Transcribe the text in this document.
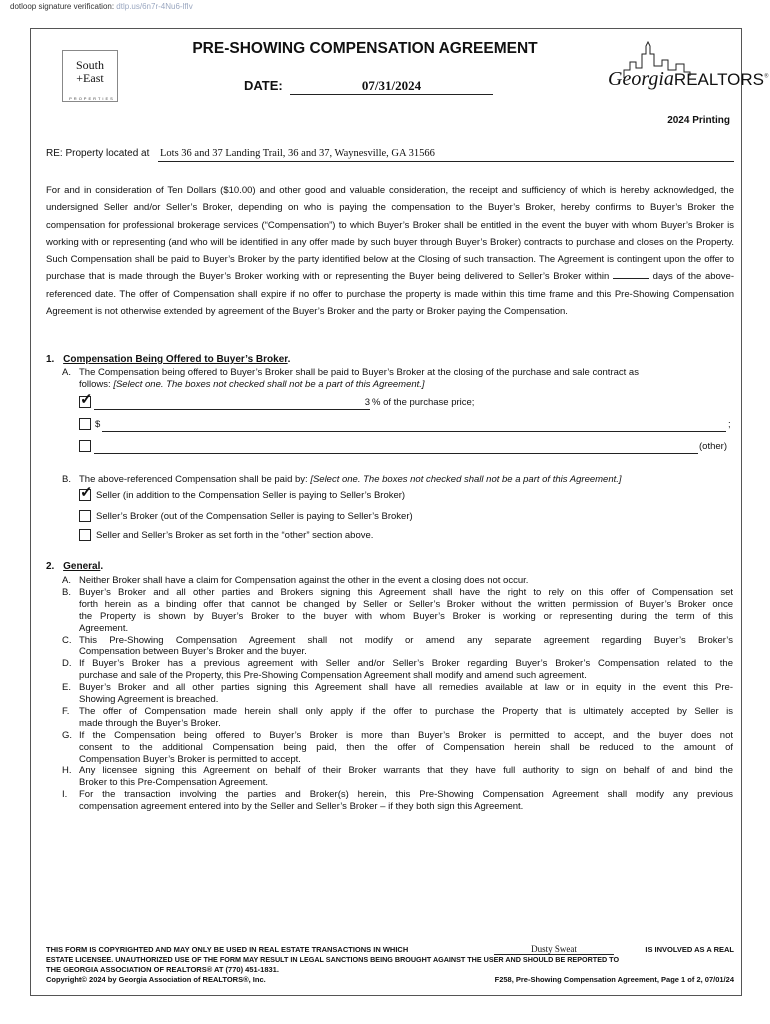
dotloop signature verification: dtlp.us/6n7r-4Nu6-lfIv
South
+East
PROPERTIES
GeorgiaREALTORS®
PRE-SHOWING COMPENSATION AGREEMENT
DATE:	07/31/2024
2024 Printing
RE: Property located at Lots 36 and 37 Landing Trail, 36 and 37, Waynesville, GA 31566
For and in consideration of Ten Dollars ($10.00) and other good and valuable consideration, the receipt and sufficiency of which is hereby acknowledged, the undersigned Seller and/or Seller’s Broker, depending on who is paying the compensation to the Buyer’s Broker, hereby confirms to Buyer’s Broker the compensation for professional brokerage services (“Compensation”) to which Buyer’s Broker shall be entitled in the event the buyer with whom Buyer’s Broker is working with or representing (and who will be identified in any offer made by such buyer through Buyer’s Broker) contracts to purchase and closes on the Property. Such Compensation shall be paid to Buyer’s Broker by the party identified below at the Closing of such transaction. The Agreement is contingent upon the offer to purchase that is made through the Buyer’s Broker working with or representing the Buyer being delivered to Seller’s Broker within	days of the above-referenced date. The offer of Compensation shall expire if no offer to purchase the property is made within this time frame and this Pre-Showing Compensation Agreement is not otherwise extended by agreement of the Buyer’s Broker and the party or Broker paying the Compensation.
1. Compensation Being Offered to Buyer’s Broker.
A. The Compensation being offered to Buyer’s Broker shall be paid to Buyer’s Broker at the closing of the purchase and sale contract as
follows: [Select one. The boxes not checked shall not be a part of this Agreement.]
✓	3 % of the purchase price;
$	;
(other)
B. The above-referenced Compensation shall be paid by: [Select one. The boxes not checked shall not be a part of this Agreement.]
✓ Seller (in addition to the Compensation Seller is paying to Seller’s Broker)
Seller’s Broker (out of the Compensation Seller is paying to Seller’s Broker)
Seller and Seller’s Broker as set forth in the “other” section above.
2. General.
A. Neither Broker shall have a claim for Compensation against the other in the event a closing does not occur.
B. Buyer’s Broker and all other parties and Brokers signing this Agreement shall have the right to rely on this offer of Compensation set
forth herein as a binding offer that cannot be changed by Seller or Seller’s Broker without the written permission of Buyer’s Broker once
the Property is shown by Buyer’s Broker to the buyer with whom Buyer’s Broker is working or representing during the term of this
Agreement.
C. This Pre-Showing Compensation Agreement shall not modify or amend any separate agreement regarding Buyer’s Broker’s
Compensation between Buyer’s Broker and the buyer.
D. If Buyer’s Broker has a previous agreement with Seller and/or Seller’s Broker regarding Buyer’s Broker’s Compensation related to the
purchase and sale of the Property, this Pre-Showing Compensation Agreement shall modify and amend such agreement.
E. Buyer’s Broker and all other parties signing this Agreement shall have all remedies available at law or in equity in the event this Pre-
Showing Agreement is breached.
F. The offer of Compensation made herein shall only apply if the offer to purchase the Property that is ultimately accepted by Seller is
made through the Buyer’s Broker.
G. If the Compensation being offered to Buyer’s Broker is more than Buyer’s Broker is permitted to accept, and the buyer does not
consent to the additional Compensation being paid, then the offer of Compensation herein shall be reduced to the amount of
Compensation Buyer’s Broker is permitted to accept.
H. Any licensee signing this Agreement on behalf of their Broker warrants that they have full authority to sign on behalf of and bind the
Broker to this Pre-Compensation Agreement.
I. For the transaction involving the parties and Broker(s) herein, this Pre-Showing Compensation Agreement shall modify any previous
compensation agreement entered into by the Seller and Seller’s Broker – if they both sign this Agreement.
THIS FORM IS COPYRIGHTED AND MAY ONLY BE USED IN REAL ESTATE TRANSACTIONS IN WHICH	Dusty Sweat	IS INVOLVED AS A REAL
ESTATE LICENSEE. UNAUTHORIZED USE OF THE FORM MAY RESULT IN LEGAL SANCTIONS BEING BROUGHT AGAINST THE USER AND SHOULD BE REPORTED TO
THE GEORGIA ASSOCIATION OF REALTORS® AT (770) 451-1831.
Copyright© 2024 by Georgia Association of REALTORS®, Inc.	F258, Pre-Showing Compensation Agreement, Page 1 of 2, 07/01/24
